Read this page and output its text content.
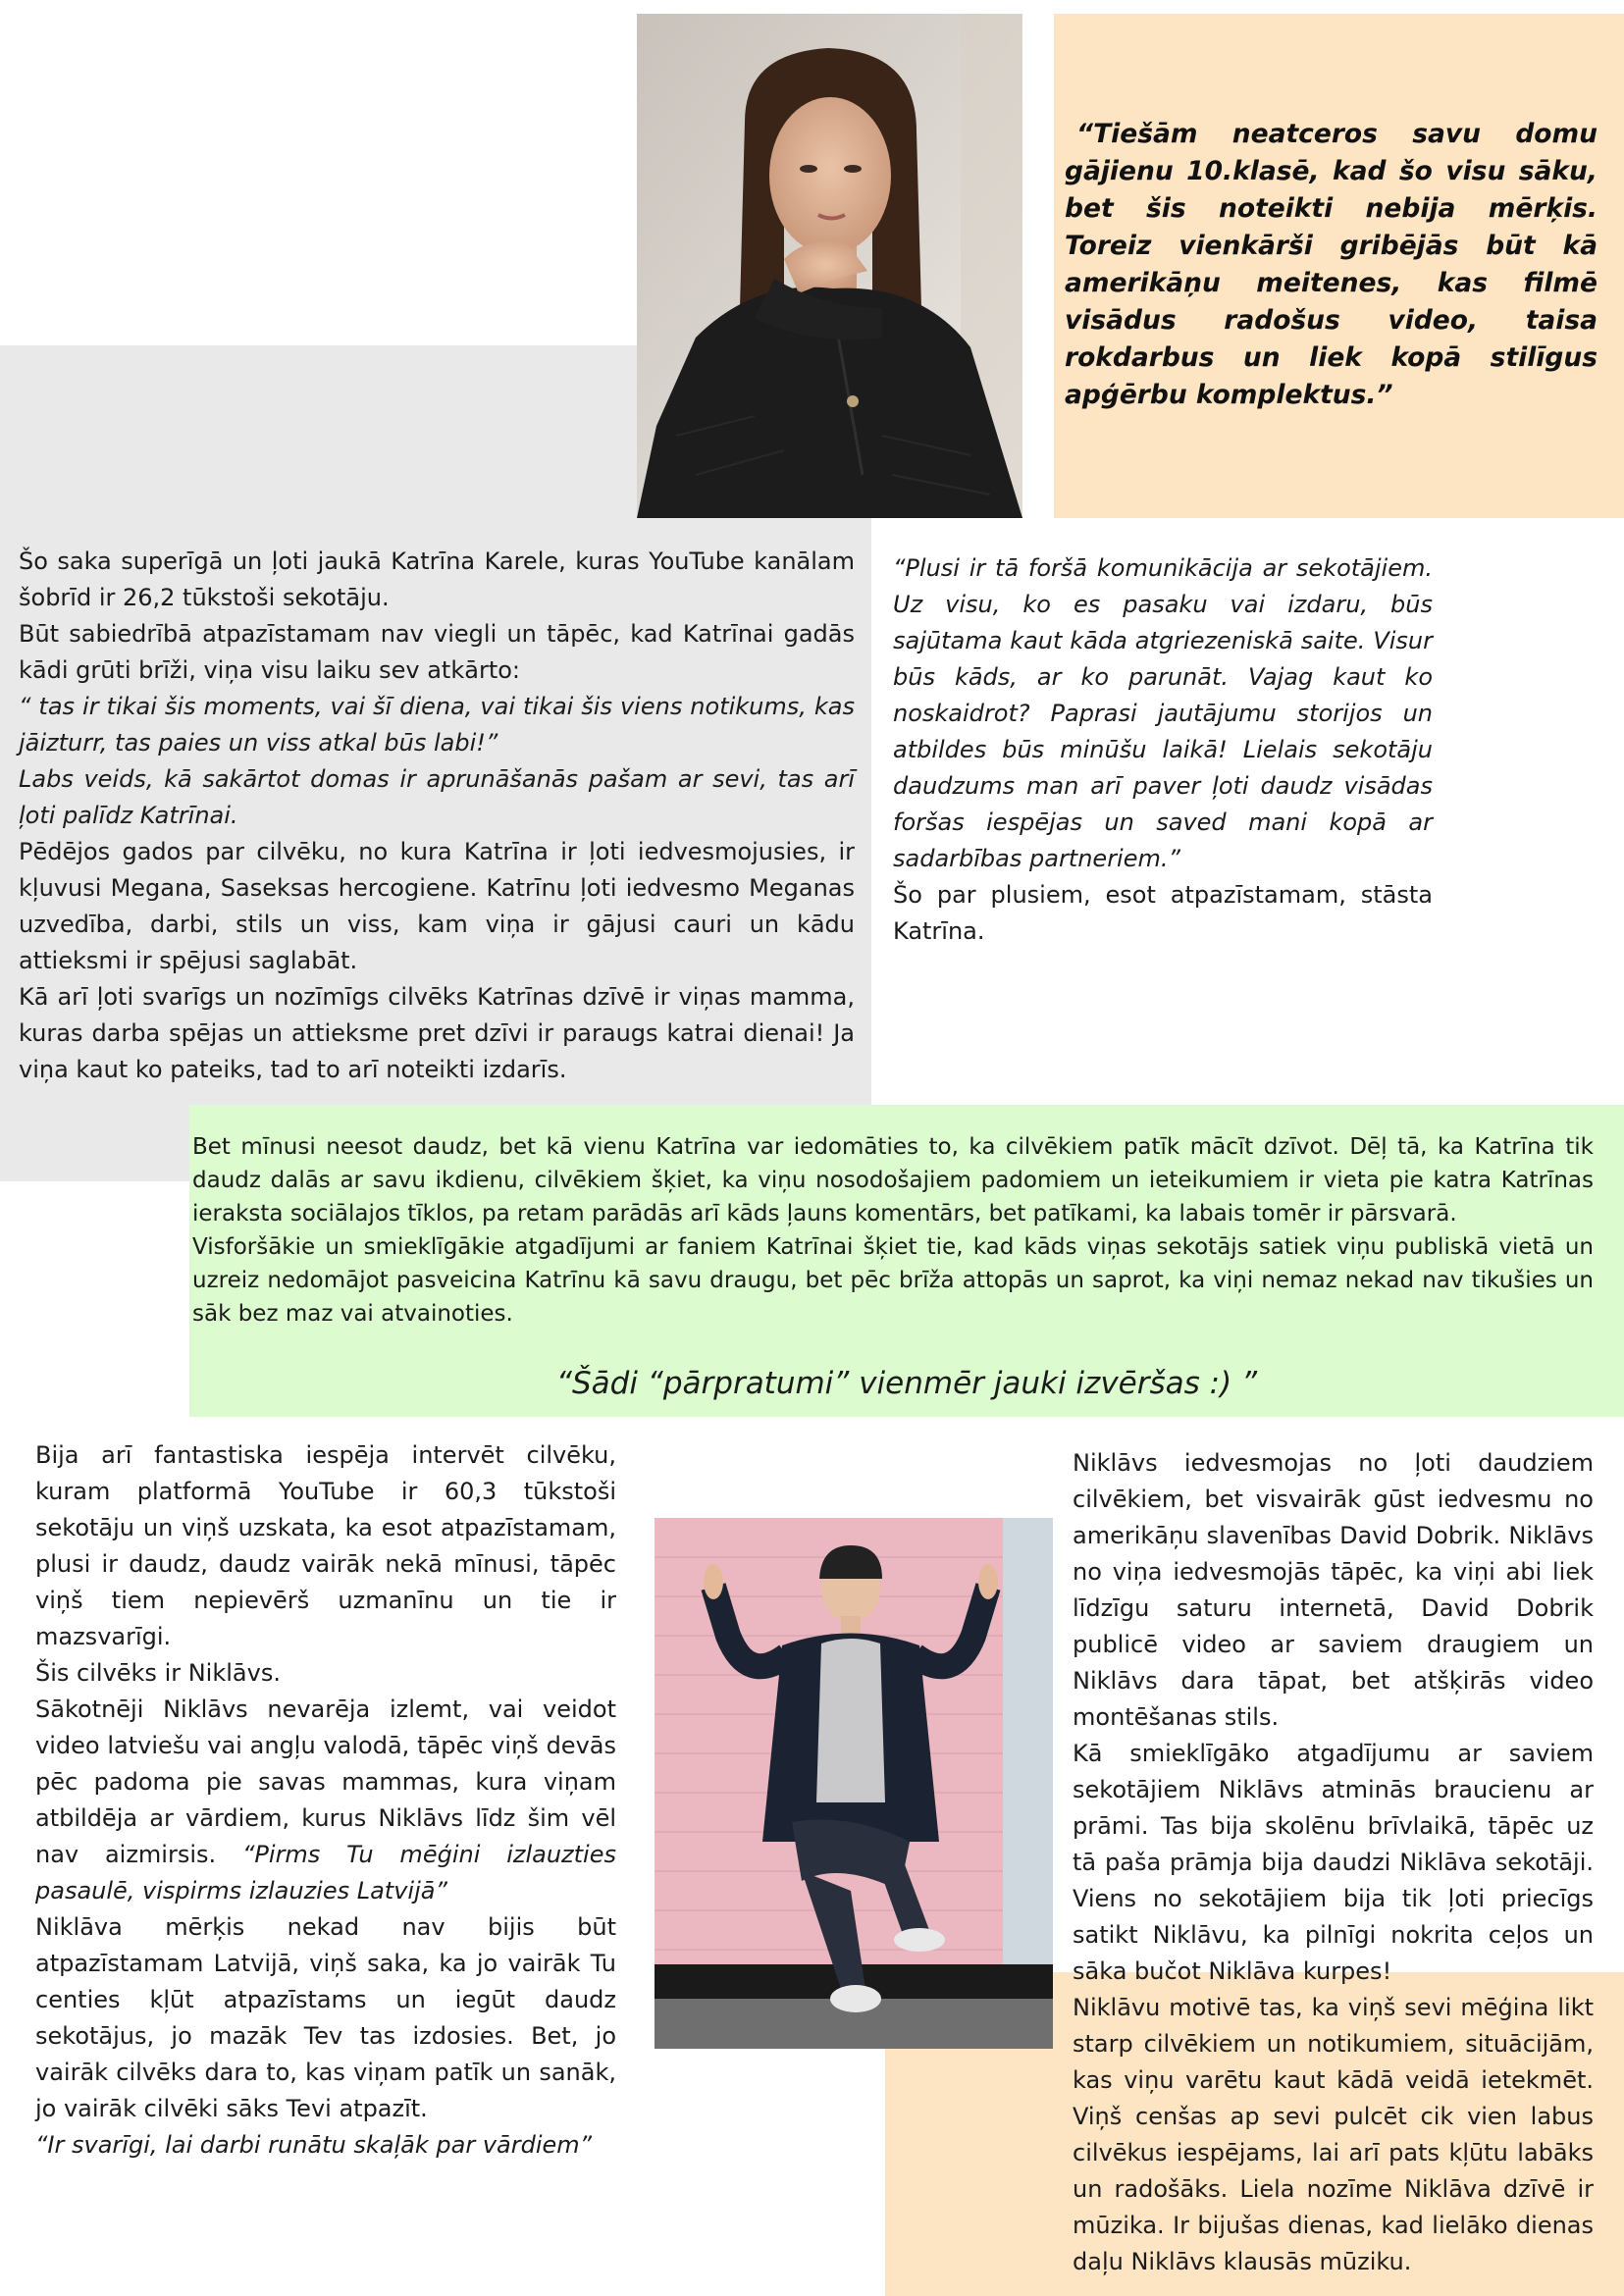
“Tiešām neatceros savu domu gājienu 10.klasē, kad šo visu sāku, bet šis noteikti nebija mērķis. Toreiz vienkārši gribējās būt kā amerikāņu meitenes, kas filmē visādus radošus video, taisa rokdarbus un liek kopā stilīgus apģērbu komplektus.”

Šo saka superīgā un ļoti jaukā Katrīna Karele, kuras YouTube kanālam šobrīd ir 26,2 tūkstoši sekotāju.

Būt sabiedrībā atpazīstamam nav viegli un tāpēc, kad Katrīnai gadās kādi grūti brīži, viņa visu laiku sev atkārto:

“ tas ir tikai šis moments, vai šī diena, vai tikai šis viens notikums, kas jāizturr, tas paies un viss atkal būs labi!”

Labs veids, kā sakārtot domas ir aprunāšanās pašam ar sevi, tas arī ļoti palīdz Katrīnai.

Pēdējos gados par cilvēku, no kura Katrīna ir ļoti iedvesmojusies, ir kļuvusi Megana, Saseksas hercogiene. Katrīnu ļoti iedvesmo Meganas uzvedība, darbi, stils un viss, kam viņa ir gājusi cauri un kādu attieksmi ir spējusi saglabāt.

Kā arī ļoti svarīgs un nozīmīgs cilvēks Katrīnas dzīvē ir viņas mamma, kuras darba spējas un attieksme pret dzīvi ir paraugs katrai dienai! Ja viņa kaut ko pateiks, tad to arī noteikti izdarīs.

“Plusi ir tā foršā komunikācija ar sekotājiem. Uz visu, ko es pasaku vai izdaru, būs sajūtama kaut kāda atgriezeniskā saite. Visur būs kāds, ar ko parunāt. Vajag kaut ko noskaidrot? Paprasi jautājumu storijos un atbildes būs minūšu laikā! Lielais sekotāju daudzums man arī paver ļoti daudz visādas foršas iespējas un saved mani kopā ar sadarbības partneriem.”

Šo par plusiem, esot atpazīstamam, stāsta Katrīna.

Bet mīnusi neesot daudz, bet kā vienu Katrīna var iedomāties to, ka cilvēkiem patīk mācīt dzīvot. Dēļ tā, ka Katrīna tik daudz dalās ar savu ikdienu, cilvēkiem šķiet, ka viņu nosodošajiem padomiem un ieteikumiem ir vieta pie katra Katrīnas ieraksta sociālajos tīklos, pa retam parādās arī kāds ļauns komentārs, bet patīkami, ka labais tomēr ir pārsvarā.

Visforšākie un smieklīgākie atgadījumi ar faniem Katrīnai šķiet tie, kad kāds viņas sekotājs satiek viņu publiskā vietā un uzreiz nedomājot pasveicina Katrīnu kā savu draugu, bet pēc brīža attopās un saprot, ka viņi nemaz nekad nav tikušies un sāk bez maz vai atvainoties.

“Šādi “pārpratumi” vienmēr jauki izvēršas :) ”

Bija arī fantastiska iespēja intervēt cilvēku, kuram platformā YouTube ir 60,3 tūkstoši sekotāju un viņš uzskata, ka esot atpazīstamam, plusi ir daudz, daudz vairāk nekā mīnusi, tāpēc viņš tiem nepievērš uzmanīnu un tie ir mazsvarīgi.

Šis cilvēks ir Niklāvs.

Sākotnēji Niklāvs nevarēja izlemt, vai veidot video latviešu vai angļu valodā, tāpēc viņš devās pēc padoma pie savas mammas, kura viņam atbildēja ar vārdiem, kurus Niklāvs līdz šim vēl nav aizmirsis. “Pirms Tu mēģini izlauzties pasaulē, vispirms izlauzies Latvijā”

Niklāva mērķis nekad nav bijis būt atpazīstamam Latvijā, viņš saka, ka jo vairāk Tu centies kļūt atpazīstams un iegūt daudz sekotājus, jo mazāk Tev tas izdosies. Bet, jo vairāk cilvēks dara to, kas viņam patīk un sanāk, jo vairāk cilvēki sāks Tevi atpazīt.

“Ir svarīgi, lai darbi runātu skaļāk par vārdiem”

Niklāvs iedvesmojas no ļoti daudziem cilvēkiem, bet visvairāk gūst iedvesmu no amerikāņu slavenības David Dobrik. Niklāvs no viņa iedvesmojās tāpēc, ka viņi abi liek līdzīgu saturu internetā, David Dobrik publicē video ar saviem draugiem un Niklāvs dara tāpat, bet atšķirās video montēšanas stils.

Kā smieklīgāko atgadījumu ar saviem sekotājiem Niklāvs atminās braucienu ar prāmi. Tas bija skolēnu brīvlaikā, tāpēc uz tā paša prāmja bija daudzi Niklāva sekotāji. Viens no sekotājiem bija tik ļoti priecīgs satikt Niklāvu, ka pilnīgi nokrita ceļos un sāka bučot Niklāva kurpes!

Niklāvu motivē tas, ka viņš sevi mēģina likt starp cilvēkiem un notikumiem, situācijām, kas viņu varētu kaut kādā veidā ietekmēt. Viņš cenšas ap sevi pulcēt cik vien labus cilvēkus iespējams, lai arī pats kļūtu labāks un radošāks. Liela nozīme Niklāva dzīvē ir mūzika. Ir bijušas dienas, kad lielāko dienas daļu Niklāvs klausās mūziku.
